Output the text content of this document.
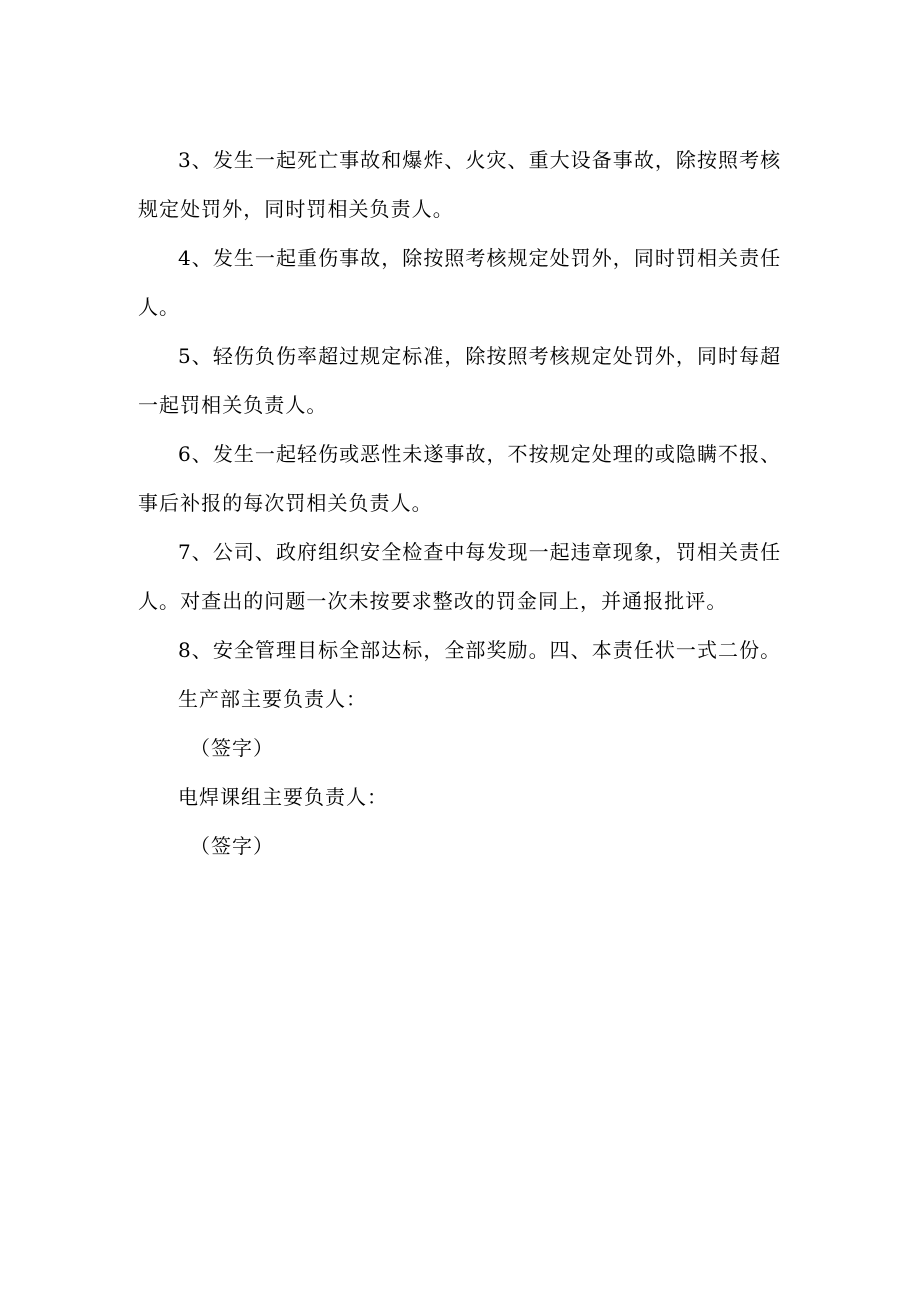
3、发生一起死亡事故和爆炸、火灾、重大设备事故，除按照考核规定处罚外，同时罚相关负责人。

4、发生一起重伤事故，除按照考核规定处罚外，同时罚相关责任人。

5、轻伤负伤率超过规定标准，除按照考核规定处罚外，同时每超一起罚相关负责人。

6、发生一起轻伤或恶性未遂事故，不按规定处理的或隐瞒不报、事后补报的每次罚相关负责人。

7、公司、政府组织安全检查中每发现一起违章现象，罚相关责任人。对查出的问题一次未按要求整改的罚金同上，并通报批评。

8、安全管理目标全部达标，全部奖励。四、本责任状一式二份。

生产部主要负责人：

（签字）

电焊课组主要负责人：

（签字）
